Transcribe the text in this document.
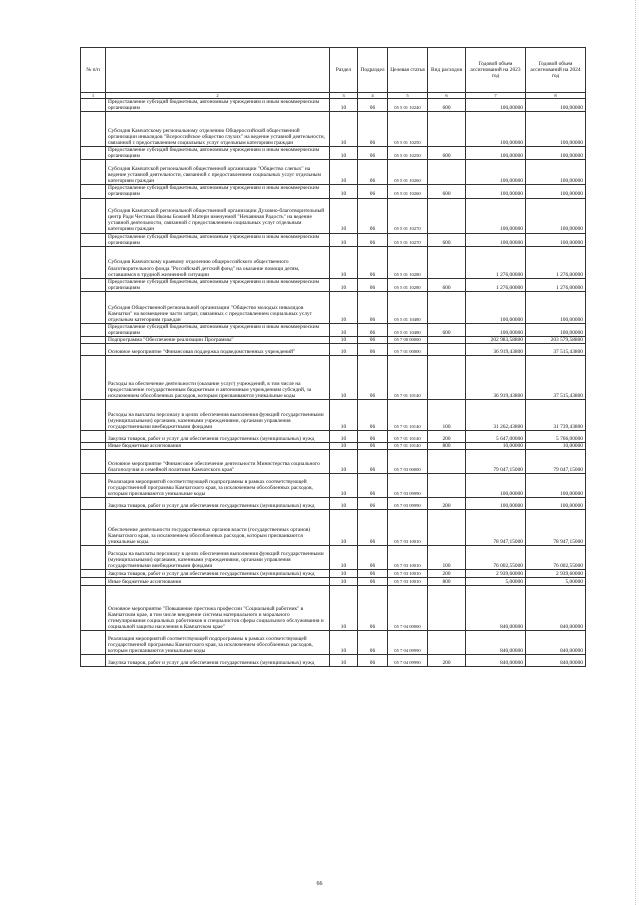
№ п/п		Раздел	Подраздел	Целевая статья	Вид расходов	Годовой объем ассигнований на 2023 год	Годовой объем ассигнований на 2024 год
1	2	3	4	5	6	7	8
	Предоставление субсидий бюджетным, автономным учреждениям и иным некоммерческим организациям	10	06	05 5 01 10240	600	100,00000	100,00000
	Субсидия Камчатскому региональному отделению Общероссийской общественной организации инвалидов "Всероссийское общество глухих" на ведение уставной деятельности, связанной с предоставлением социальных услуг отдельным категориям граждан	10	06	05 5 01 10250		100,00000	100,00000
	Предоставление субсидий бюджетным, автономным учреждениям и иным некоммерческим организациям	10	06	05 5 01 10250	600	100,00000	100,00000
	Субсидия Камчатской региональной общественной организации "Общество слепых" на ведение уставной деятельности, связанной с предоставлением социальных услуг отдельным категориям граждан	10	06	05 5 01 10260		100,00000	100,00000
	Предоставление субсидий бюджетным, автономным учреждениям и иным некоммерческим организациям	10	06	05 5 01 10260	600	100,00000	100,00000
	Субсидия Камчатской региональной общественной организации Духовно-благотворительный центр Ради Честныя Иконы Божией Матери именуемой "Нечаянная Радость" на ведение уставной деятельности, связанной с предоставлением социальных услуг отдельным категориям граждан	10	06	05 5 01 10270		100,00000	100,00000
	Предоставление субсидий бюджетным, автономным учреждениям и иным некоммерческим организациям	10	06	05 5 01 10270	600	100,00000	100,00000
	Субсидия Камчатскому краевому отделению общероссийского общественного благотворительного фонда "Российский детский фонд" на оказание помощи детям, оставшимся в трудной жизненной ситуации	10	06	05 5 01 10280		1 276,00000	1 276,00000
	Предоставление субсидий бюджетным, автономным учреждениям и иным некоммерческим организациям	10	06	05 5 01 10280	600	1 276,00000	1 276,00000
	Субсидия Общественной региональной организации "Общество молодых инвалидов Камчатки" на возмещение части затрат, связанных с предоставлением социальных услуг отдельным категориям граждан	10	06	05 5 01 10480		100,00000	100,00000
	Предоставление субсидий бюджетным, автономным учреждениям и иным некоммерческим организациям	10	06	05 5 01 10480	600	100,00000	100,00000
	Подпрограмма "Обеспечение реализации Программы"	10	06	05 7 00 00000		202 983,58800	203 579,58800
	Основное мероприятие "Финансовая поддержка подведомственных учреждений"	10	06	05 7 01 00000		36 919,43800	37 515,43800
	Расходы на обеспечение деятельности (оказание услуг) учреждений, в том числе на предоставление государственным бюджетным и автономным учреждениям субсидий, за исключением обособленных расходов, которым присваиваются уникальные коды	10	06	05 7 01 10140		36 919,43800	37 515,43800
	Расходы на выплаты персоналу в целях обеспечения выполнения функций государственными (муниципальными) органами, казенными учреждениями, органами управления государственными внебюджетными фондами	10	06	05 7 01 10140	100	31 262,43800	31 739,43800
	Закупка товаров, работ и услуг для обеспечения государственных (муниципальных) нужд	10	06	05 7 01 10140	200	5 647,00000	5 766,00000
	Иные бюджетные ассигнования	10	06	05 7 01 10140	800	10,00000	10,00000
	Основное мероприятие "Финансовое обеспечение деятельности Министерства социального благополучия и семейной политики Камчатского края"	10	06	05 7 03 00000		79 047,15000	79 047,15000
	Реализация мероприятий соответствующей подпрограммы в рамках соответствующей государственной программы Камчатского края, за исключением обособленных расходов, которым присваиваются уникальные коды	10	06	05 7 03 09990		100,00000	100,00000
	Закупка товаров, работ и услуг для обеспечения государственных (муниципальных) нужд	10	06	05 7 03 09990	200	100,00000	100,00000
	Обеспечение деятельности государственных органов власти (государственных органов) Камчатского края, за исключением обособленных расходов, которым присваиваются уникальные коды.	10	06	05 7 03 10010		78 947,15000	78 947,15000
	Расходы на выплаты персоналу в целях обеспечения выполнения функций государственными (муниципальными) органами, казенными учреждениями, органами управления государственными внебюджетными фондами	10	06	05 7 03 10010	100	76 002,55000	76 002,55000
	Закупка товаров, работ и услуг для обеспечения государственных (муниципальных) нужд	10	06	05 7 03 10010	200	2 939,60000	2 939,60000
	Иные бюджетные ассигнования	10	06	05 7 03 10010	800	5,00000	5,00000
	Основное мероприятие "Повышение престижа профессии "Социальный работник" в Камчатском крае, в том числе внедрение системы материального и морального стимулирования социальных работников и специалистов сферы социального обслуживания и социальной защиты населения в Камчатском крае"	10	06	05 7 04 00000		840,00000	840,00000
	Реализация мероприятий соответствующей подпрограммы в рамках соответствующей государственной программы Камчатского края, за исключением обособленных расходов, которым присваиваются уникальные коды	10	06	05 7 04 09990		840,00000	840,00000
	Закупка товаров, работ и услуг для обеспечения государственных (муниципальных) нужд	10	06	05 7 04 09990	200	840,00000	840,00000
66
